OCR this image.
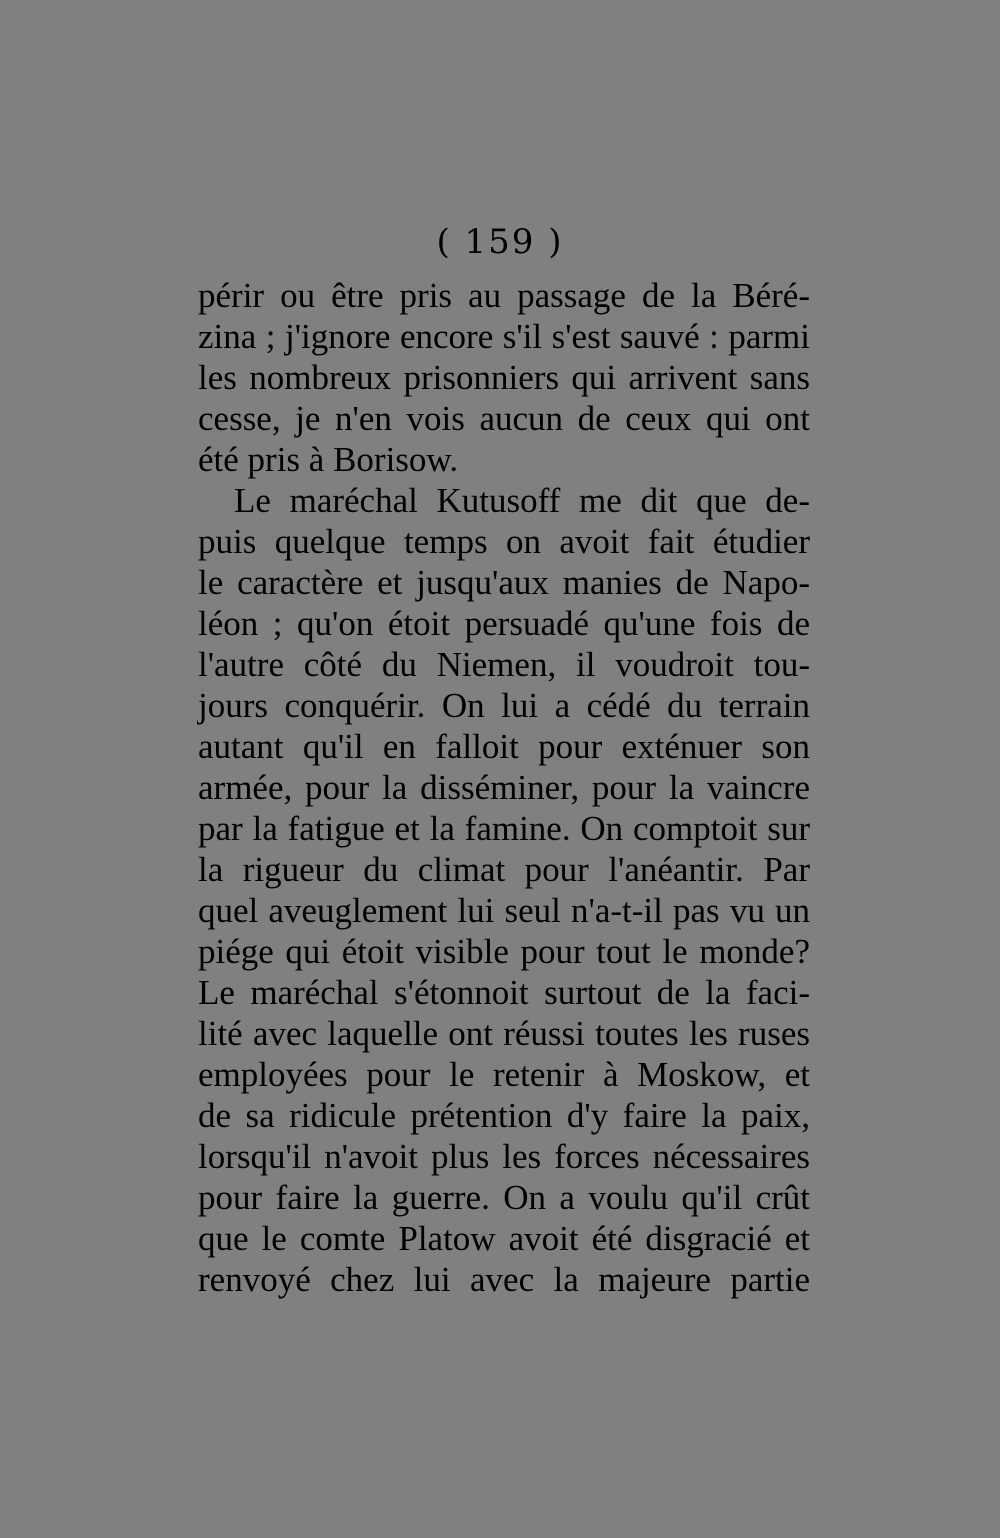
( 159 )
périr ou être pris au passage de la Béré-
zina ; j'ignore encore s'il s'est sauvé : parmi
les nombreux prisonniers qui arrivent sans
cesse, je n'en vois aucun de ceux qui ont
été pris à Borisow.
Le maréchal Kutusoff me dit que de-
puis quelque temps on avoit fait étudier
le caractère et jusqu'aux manies de Napo-
léon ; qu'on étoit persuadé qu'une fois de
l'autre côté du Niemen, il voudroit tou-
jours conquérir. On lui a cédé du terrain
autant qu'il en falloit pour exténuer son
armée, pour la disséminer, pour la vaincre
par la fatigue et la famine. On comptoit sur
la rigueur du climat pour l'anéantir. Par
quel aveuglement lui seul n'a-t-il pas vu un
piége qui étoit visible pour tout le monde?
Le maréchal s'étonnoit surtout de la faci-
lité avec laquelle ont réussi toutes les ruses
employées pour le retenir à Moskow, et
de sa ridicule prétention d'y faire la paix,
lorsqu'il n'avoit plus les forces nécessaires
pour faire la guerre. On a voulu qu'il crût
que le comte Platow avoit été disgracié et
renvoyé chez lui avec la majeure partie
